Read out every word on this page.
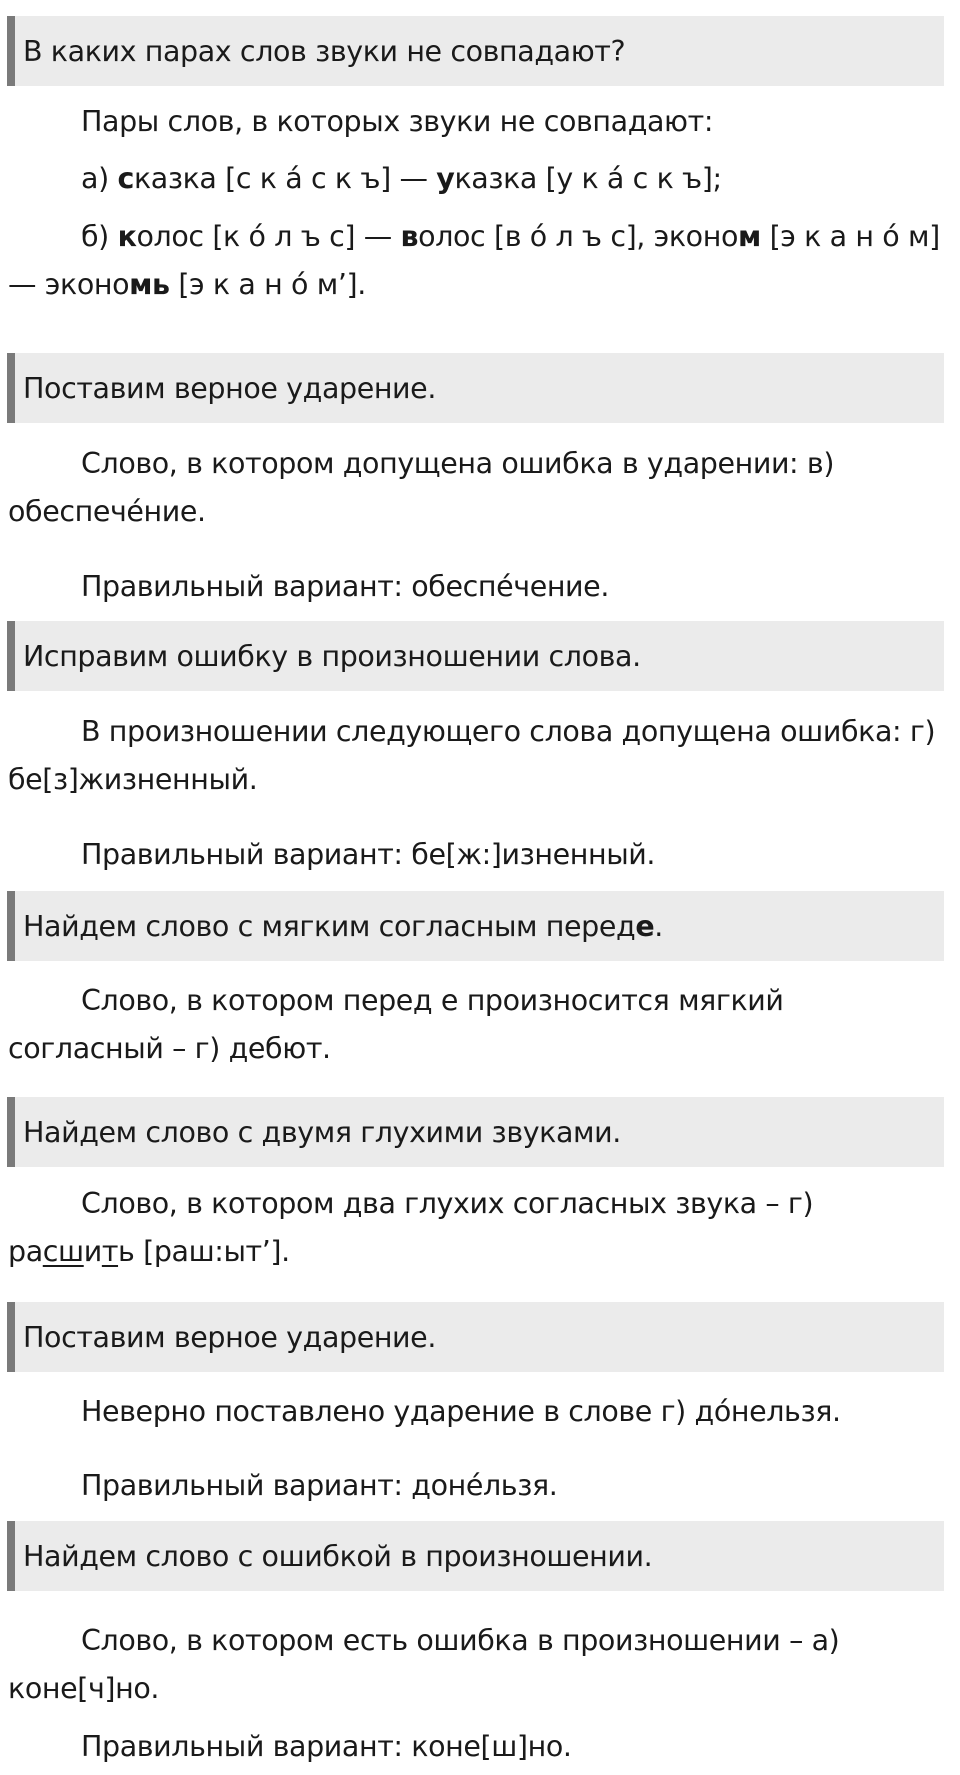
В каких парах слов звуки не совпадают?

Пары слов, в которых звуки не совпадают:

а) сказка [с к а́ с к ъ] — указка [у к а́ с к ъ];

б) колос [к о́ л ъ с] — волос [в о́ л ъ с], эконом [э к а н о́ м] — экономь [э к а н о́ м’].

Поставим верное ударение.

Слово, в котором допущена ошибка в ударении: в) обеспече́ние.

Правильный вариант: обеспе́чение.

Исправим ошибку в произношении слова.

В произношении следующего слова допущена ошибка: г) бе[з]жизненный.

Правильный вариант: бе[ж:]изненный.

Найдем слово с мягким согласным перед е .

Слово, в котором перед е произносится мягкий согласный – г) дебют.

Найдем слово с двумя глухими звуками.

Слово, в котором два глухих согласных звука – г) расшить [раш:ыт’].

Поставим верное ударение.

Неверно поставлено ударение в слове г) до́нельзя.

Правильный вариант: доне́льзя.

Найдем слово с ошибкой в произношении.

Слово, в котором есть ошибка в произношении – а) коне[ч]но.

Правильный вариант: коне[ш]но.
